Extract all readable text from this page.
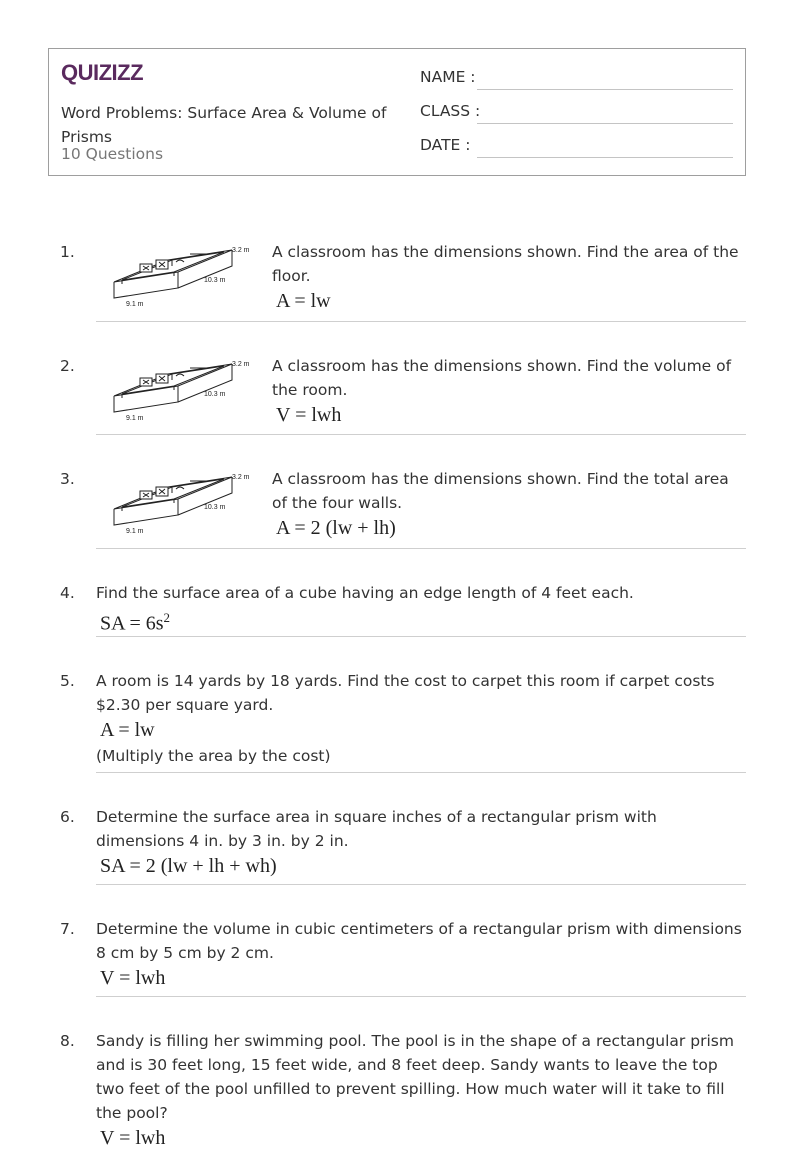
QUIZIZZ
Word Problems: Surface Area & Volume of Prisms
10 Questions
NAME :
CLASS :
DATE :
1.	3.2 m
10.3 m
9.1 m
A classroom has the dimensions shown. Find the area of the floor.
A = lw
2.	3.2 m
10.3 m
9.1 m
A classroom has the dimensions shown. Find the volume of the room.
V = lwh
3.	3.2 m
10.3 m
9.1 m
A classroom has the dimensions shown. Find the total area of the four walls.
A = 2 (lw + lh)
4. Find the surface area of a cube having an edge length of 4 feet each.
SA = $6s^2$
5. A room is 14 yards by 18 yards. Find the cost to carpet this room if carpet costs $2.30 per square yard.
A = lw
(Multiply the area by the cost)
6. Determine the surface area in square inches of a rectangular prism with dimensions 4 in. by 3 in. by 2 in.
SA = 2 (lw + lh + wh)
7. Determine the volume in cubic centimeters of a rectangular prism with dimensions 8 cm by 5 cm by 2 cm.
V = lwh
8. Sandy is filling her swimming pool. The pool is in the shape of a rectangular prism and is 30 feet long, 15 feet wide, and 8 feet deep. Sandy wants to leave the top two feet of the pool unfilled to prevent spilling. How much water will it take to fill the pool?
V = lwh
